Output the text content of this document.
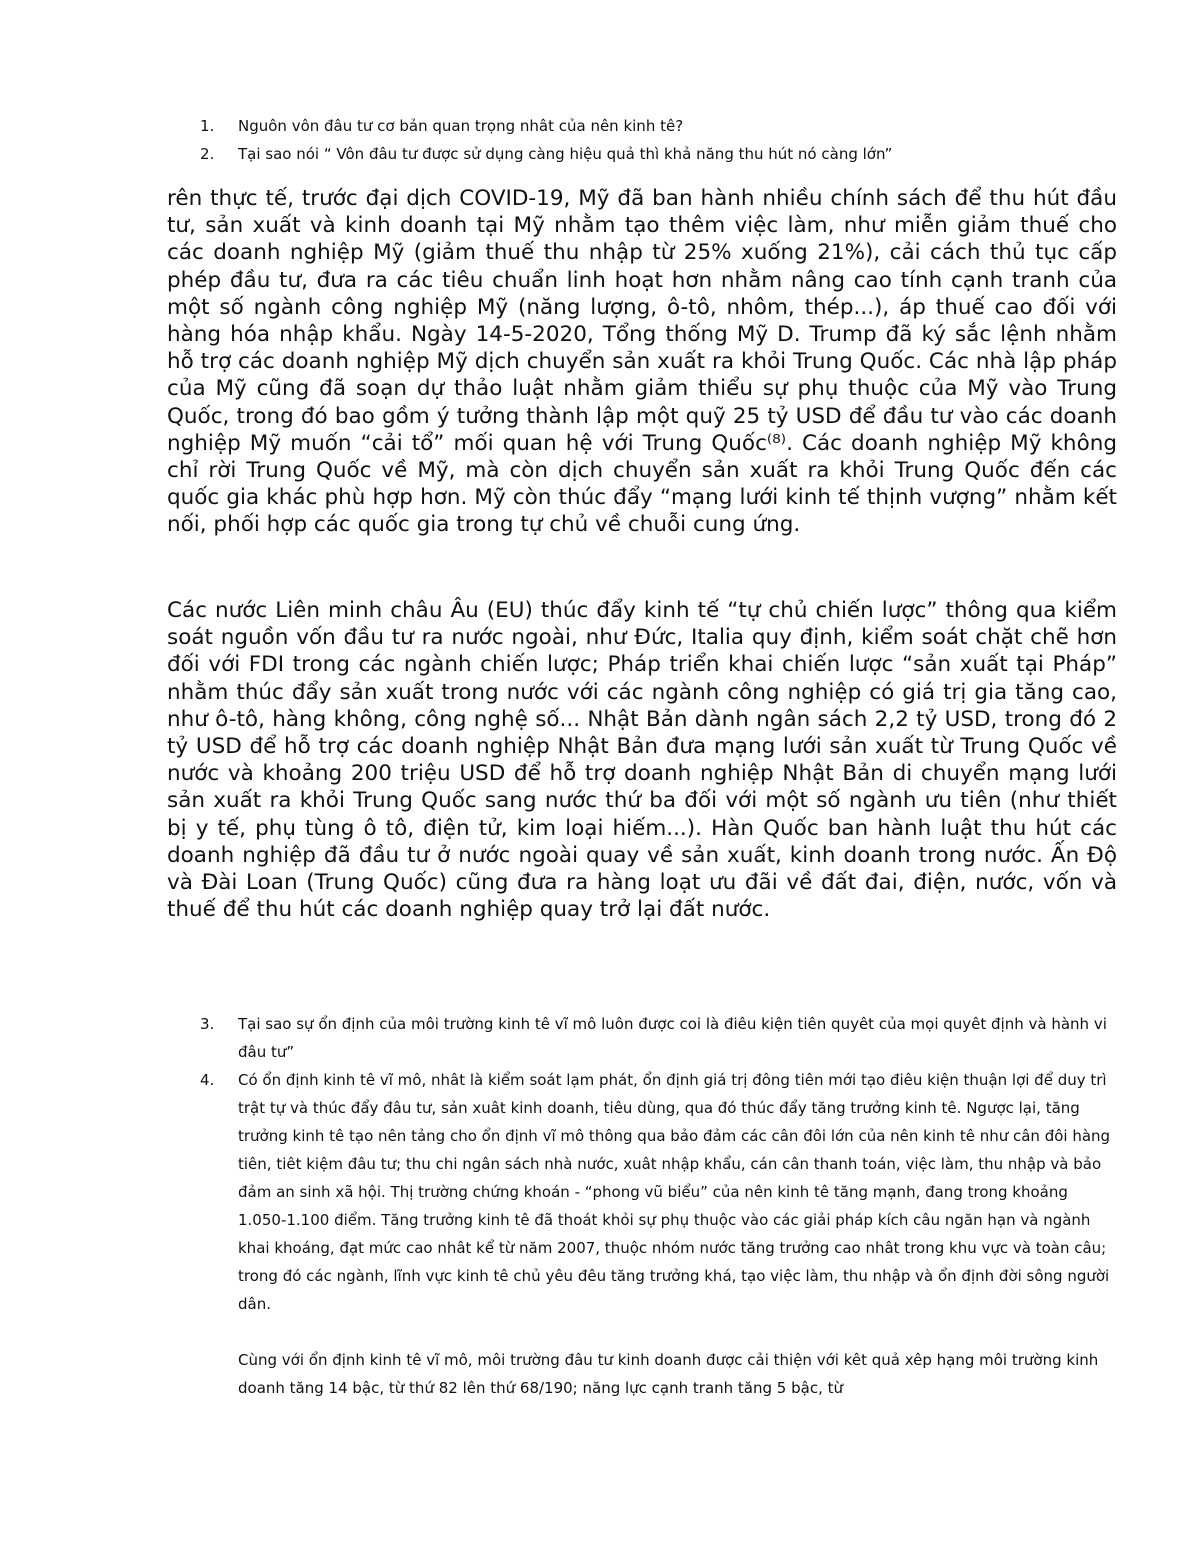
1. Nguôn vôn đâu tư cơ bản quan trọng nhât của nên kinh tê?
2. Tại sao nói “ Vôn đâu tư được sử dụng càng hiệu quả thì khả năng thu hút nó càng lớn”

rên thực tế, trước đại dịch COVID-19, Mỹ đã ban hành nhiều chính sách để thu hút đầu tư, sản xuất và kinh doanh tại Mỹ nhằm tạo thêm việc làm, như miễn giảm thuế cho các doanh nghiệp Mỹ (giảm thuế thu nhập từ 25% xuống 21%), cải cách thủ tục cấp phép đầu tư, đưa ra các tiêu chuẩn linh hoạt hơn nhằm nâng cao tính cạnh tranh của một số ngành công nghiệp Mỹ (năng lượng, ô-tô, nhôm, thép...), áp thuế cao đối với hàng hóa nhập khẩu. Ngày 14-5-2020, Tổng thống Mỹ D. Trump đã ký sắc lệnh nhằm hỗ trợ các doanh nghiệp Mỹ dịch chuyển sản xuất ra khỏi Trung Quốc. Các nhà lập pháp của Mỹ cũng đã soạn dự thảo luật nhằm giảm thiểu sự phụ thuộc của Mỹ vào Trung Quốc, trong đó bao gồm ý tưởng thành lập một quỹ 25 tỷ USD để đầu tư vào các doanh nghiệp Mỹ muốn “cải tổ” mối quan hệ với Trung Quốc⁽⁸⁾. Các doanh nghiệp Mỹ không chỉ rời Trung Quốc về Mỹ, mà còn dịch chuyển sản xuất ra khỏi Trung Quốc đến các quốc gia khác phù hợp hơn. Mỹ còn thúc đẩy “mạng lưới kinh tế thịnh vượng” nhằm kết nối, phối hợp các quốc gia trong tự chủ về chuỗi cung ứng.

Các nước Liên minh châu Âu (EU) thúc đẩy kinh tế “tự chủ chiến lược” thông qua kiểm soát nguồn vốn đầu tư ra nước ngoài, như Đức, Italia quy định, kiểm soát chặt chẽ hơn đối với FDI trong các ngành chiến lược; Pháp triển khai chiến lược “sản xuất tại Pháp” nhằm thúc đẩy sản xuất trong nước với các ngành công nghiệp có giá trị gia tăng cao, như ô-tô, hàng không, công nghệ số... Nhật Bản dành ngân sách 2,2 tỷ USD, trong đó 2 tỷ USD để hỗ trợ các doanh nghiệp Nhật Bản đưa mạng lưới sản xuất từ Trung Quốc về nước và khoảng 200 triệu USD để hỗ trợ doanh nghiệp Nhật Bản di chuyển mạng lưới sản xuất ra khỏi Trung Quốc sang nước thứ ba đối với một số ngành ưu tiên (như thiết bị y tế, phụ tùng ô tô, điện tử, kim loại hiếm...). Hàn Quốc ban hành luật thu hút các doanh nghiệp đã đầu tư ở nước ngoài quay về sản xuất, kinh doanh trong nước. Ấn Độ và Đài Loan (Trung Quốc) cũng đưa ra hàng loạt ưu đãi về đất đai, điện, nước, vốn và thuế để thu hút các doanh nghiệp quay trở lại đất nước.

3. Tại sao sự ổn định của môi trường kinh tê vĩ mô luôn được coi là điêu kiện tiên quyêt của mọi quyêt định và hành vi đâu tư”
4. Có ổn định kinh tê vĩ mô, nhât là kiểm soát lạm phát, ổn định giá trị đông tiên mới tạo điêu kiện thuận lợi để duy trì trật tự và thúc đẩy đâu tư, sản xuât kinh doanh, tiêu dùng, qua đó thúc đẩy tăng trưởng kinh tê. Ngược lại, tăng trưởng kinh tê tạo nên tảng cho ổn định vĩ mô thông qua bảo đảm các cân đôi lớn của nên kinh tê như cân đôi hàng tiên, tiêt kiệm đâu tư; thu chi ngân sách nhà nước, xuât nhập khẩu, cán cân thanh toán, việc làm, thu nhập và bảo đảm an sinh xã hội. Thị trường chứng khoán - “phong vũ biểu” của nên kinh tê tăng mạnh, đang trong khoảng 1.050-1.100 điểm. Tăng trưởng kinh tê đã thoát khỏi sự phụ thuộc vào các giải pháp kích câu ngăn hạn và ngành khai khoáng, đạt mức cao nhât kể từ năm 2007, thuộc nhóm nước tăng trưởng cao nhât trong khu vực và toàn câu; trong đó các ngành, lĩnh vực kinh tê chủ yêu đêu tăng trưởng khá, tạo việc làm, thu nhập và ổn định đời sông người dân.

Cùng với ổn định kinh tê vĩ mô, môi trường đâu tư kinh doanh được cải thiện với kêt quả xêp hạng môi trường kinh doanh tăng 14 bậc, từ thứ 82 lên thứ 68/190; năng lực cạnh tranh tăng 5 bậc, từ
